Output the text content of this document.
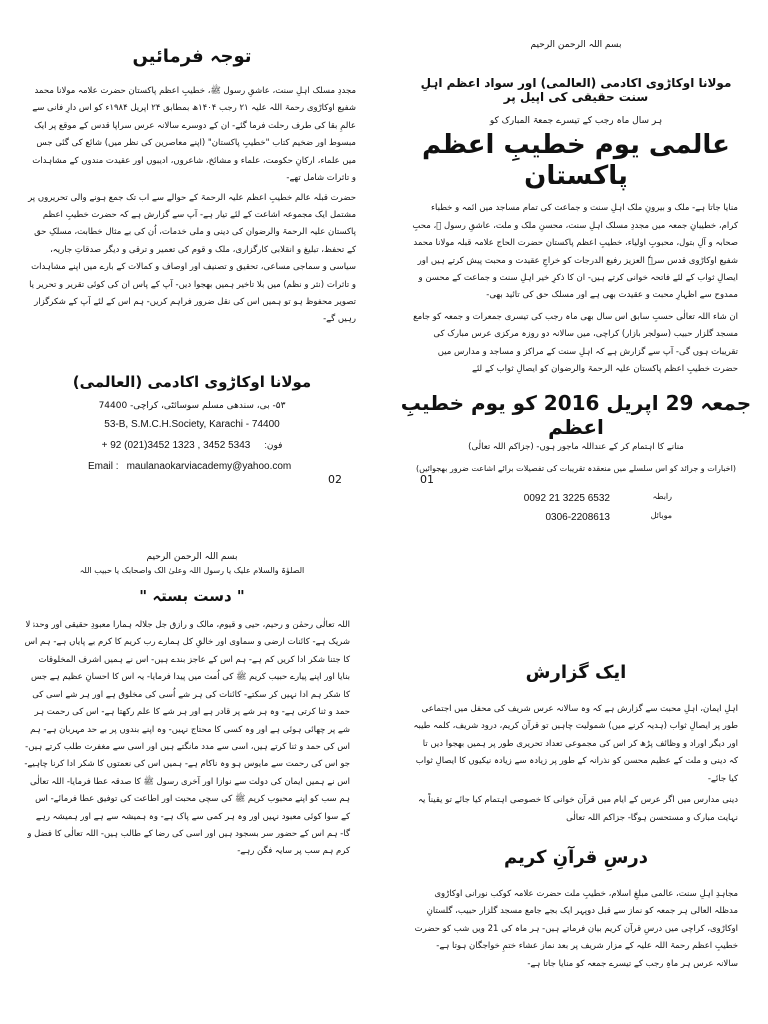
بسم اللہ الرحمن الرحیم
مولانا اوکاڑوی اکادمی (العالمی) اور سواد اعظم اہلِ سنت حقیقی کی اپیل پر
ہر سال ماہ رجب کے تیسرے جمعۃ المبارک کو
عالمی یوم خطیبِ اعظم پاکستان

منایا جاتا ہے- ملک و بیرونِ ملک اہلِ سنت و جماعت کی تمام مساجد میں ائمہ و خطباء کرام، خطیبانِ جمعہ میں مجددِ مسلک اہلِ سنت، محسنِ ملک و ملت، عاشقِ رسول ﷺ، محبِ صحابہ و آلِ بتول، محبوبِ اولیاء، خطیبِ اعظم پاکستان حضرت الحاج علامہ قبلہ مولانا محمد شفیع اوکاڑوی قدس سرہٗ العزیز رفیع الدرجات کو خراجِ عقیدت و محبت پیش کرتے ہیں اور ایصالِ ثواب کے لئے فاتحہ خوانی کرتے ہیں- ان کا ذکرِ خیر اہلِ سنت و جماعت کے محسن و ممدوح سے اظہارِ محبت و عقیدت بھی ہے اور مسلک حق کی تائید بھی-

ان شاء اللہ تعالٰی حسبِ سابق اس سال بھی ماہ رجب کی تیسری جمعرات و جمعہ کو جامع مسجد گلزار حبیب (سولجر بازار) کراچی، میں سالانہ دو روزہ مرکزی عرس مبارک کی تقریبات ہوں گی- آپ سے گزارش ہے کہ اہلِ سنت کے مراکز و مساجد و مدارس میں حضرت خطیبِ اعظم پاکستان علیہ الرحمۃ والرضوان کو ایصالِ ثواب کے لئے

جمعہ 29 اپریل 2016 کو یوم خطیبِ اعظم
منانے کا اہتمام کر کے عنداللہ ماجور ہوں- (جزاکم اللہ تعالٰی)
(اخبارات و جرائد کو اس سلسلے میں منعقدہ تقریبات کی تفصیلات برائے اشاعت ضرور بھجوائیں)
رابطہ
0092 21 3225 6532
موبائل
0306-2208613
01
توجہ فرمائیں

مجددِ مسلک اہلِ سنت، عاشقِ رسول ﷺ، خطیبِ اعظم پاکستان حضرت علامہ مولانا محمد شفیع اوکاڑوی رحمۃ اللہ علیہ ۲۱ رجب ۱۴۰۴ھ بمطابق ۲۴ اپریل ۱۹۸۴ء کو اس دارِ فانی سے عالمِ بقا کی طرف رحلت فرما گئے- ان کے دوسرے سالانہ عرس سراپا قدس کے موقع پر ایک مبسوط اور ضخیم کتاب "خطیبِ پاکستان" (اپنے معاصرین کی نظر میں) شائع کی گئی جس میں علماء، ارکانِ حکومت، علماء و مشائخ، شاعروں، ادیبوں اور عقیدت مندوں کے مشاہدات و تاثرات شامل تھے-

حضرت قبلہ عالم خطیبِ اعظم علیہ الرحمۃ کے حوالے سے اب تک جمع ہونے والی تحریروں پر مشتمل ایک مجموعہ اشاعت کے لئے تیار ہے- آپ سے گزارش ہے کہ حضرت خطیبِ اعظم پاکستان علیہ الرحمۃ والرضوان کی دینی و ملی خدمات، اُن کی بے مثال خطابت، مسلکِ حق کے تحفظ، تبلیغ و انقلابی کارگزاری، ملک و قوم کی تعمیر و ترقی و دیگر صدقاتِ جاریہ، سیاسی و سماجی مساعی، تحقیق و تصنیف اور اوصاف و کمالات کے بارے میں اپنے مشاہدات و تاثرات (نثر و نظم) میں بلا تاخیر ہمیں بھجوا دیں- آپ کے پاس ان کی کوئی تقریر و تحریر یا تصویر محفوظ ہو تو ہمیں اس کی نقل ضرور فراہم کریں- ہم اس کے لئے آپ کے شکرگزار رہیں گے-

مولانا اوکاڑوی اکادمی (العالمی)
۵۳- بی، سندھی مسلم سوسائٹی، کراچی- 74400
53-B, S.M.C.H.Society, Karachi - 74400
فون:
+ 92 (021)3452 1323 , 3452 5343
Email : maulanaokarviacademy@yahoo.com
02
ایک گزارش

اہلِ ایمان، اہلِ محبت سے گزارش ہے کہ وہ سالانہ عرس شریف کی محفل میں اجتماعی طور پر ایصالِ ثواب (ہدیہ کرنے میں) شمولیت چاہیں تو قرآن کریم، درود شریف، کلمہ طیبہ اور دیگر اوراد و وظائف پڑھ کر اس کی مجموعی تعداد تحریری طور پر ہمیں بھجوا دیں تا کہ دینی و ملت کے عظیم محسن کو نذرانہ کے طور پر زیادہ سے زیادہ نیکیوں کا ایصالِ ثواب کیا جائے-

دینی مدارس میں اگر عرس کے ایام میں قرآن خوانی کا خصوصی اہتمام کیا جائے تو یقیناً یہ نہایت مبارک و مستحسن ہوگا- جزاکم اللہ تعالٰی

درسِ قرآنِ کریم

مجاہدِ اہلِ سنت، عالمی مبلغِ اسلام، خطیبِ ملت حضرت علامہ کوکب نورانی اوکاڑوی مدظلہ العالی ہر جمعہ کو نماز سے قبل دوپہر ایک بجے جامع مسجد گلزار حبیب، گلستانِ اوکاڑوی، کراچی میں درسِ قرآن کریم بیان فرماتے ہیں- ہر ماہ کی 21 ویں شب کو حضرت خطیبِ اعظم رحمۃ اللہ علیہ کے مزار شریف پر بعد نماز عشاء ختمِ خواجگان ہوتا ہے- سالانہ عرس ہر ماہِ رجب کے تیسرے جمعہ کو منایا جاتا ہے-

بسم اللہ الرحمن الرحیم
الصلوٰۃ والسلام علیک یا رسول اللہ وعلیٰ الک واصحابک یا حبیب اللہ
" دست بستہ "

اللہ تعالٰی رحمٰن و رحیم، حیی و قیوم، مالک و رازق جل جلالہ ہمارا معبودِ حقیقی اور وحدہٗ لا شریک ہے- کائنات ارضی و سماوی اور خالقِ کل ہمارے رب کریم کا کرم بے پایاں ہے- ہم اس کا جتنا شکر ادا کریں کم ہے- ہم اس کے عاجز بندے ہیں- اس نے ہمیں اشرف المخلوقات بنایا اور اپنے پیارے حبیب کریم ﷺ کی اُمت میں پیدا فرمایا- یہ اس کا احسانِ عظیم ہے جس کا شکر ہم ادا نہیں کر سکتے- کائنات کی ہر شے اُسی کی مخلوق ہے اور ہر شے اسی کی حمد و ثنا کرتی ہے- وہ ہر شے پر قادر ہے اور ہر شے کا علم رکھتا ہے- اس کی رحمت ہر شے پر چھائی ہوئی ہے اور وہ کسی کا محتاج نہیں- وہ اپنے بندوں پر بے حد مہربان ہے- ہم اس کی حمد و ثنا کرتے ہیں، اسی سے مدد مانگتے ہیں اور اسی سے مغفرت طلب کرتے ہیں- جو اس کی رحمت سے مایوس ہو وہ ناکام ہے- ہمیں اس کی نعمتوں کا شکر ادا کرنا چاہیے- اس نے ہمیں ایمان کی دولت سے نوازا اور آخری رسول ﷺ کا صدقہ عطا فرمایا- اللہ تعالٰی ہم سب کو اپنے محبوب کریم ﷺ کی سچی محبت اور اطاعت کی توفیق عطا فرمائے- اس کے سوا کوئی معبود نہیں اور وہ ہر کمی سے پاک ہے- وہ ہمیشہ سے ہے اور ہمیشہ رہے گا- ہم اس کے حضور سر بسجود ہیں اور اسی کی رضا کے طالب ہیں- اللہ تعالٰی کا فضل و کرم ہم سب پر سایہ فگن رہے-
